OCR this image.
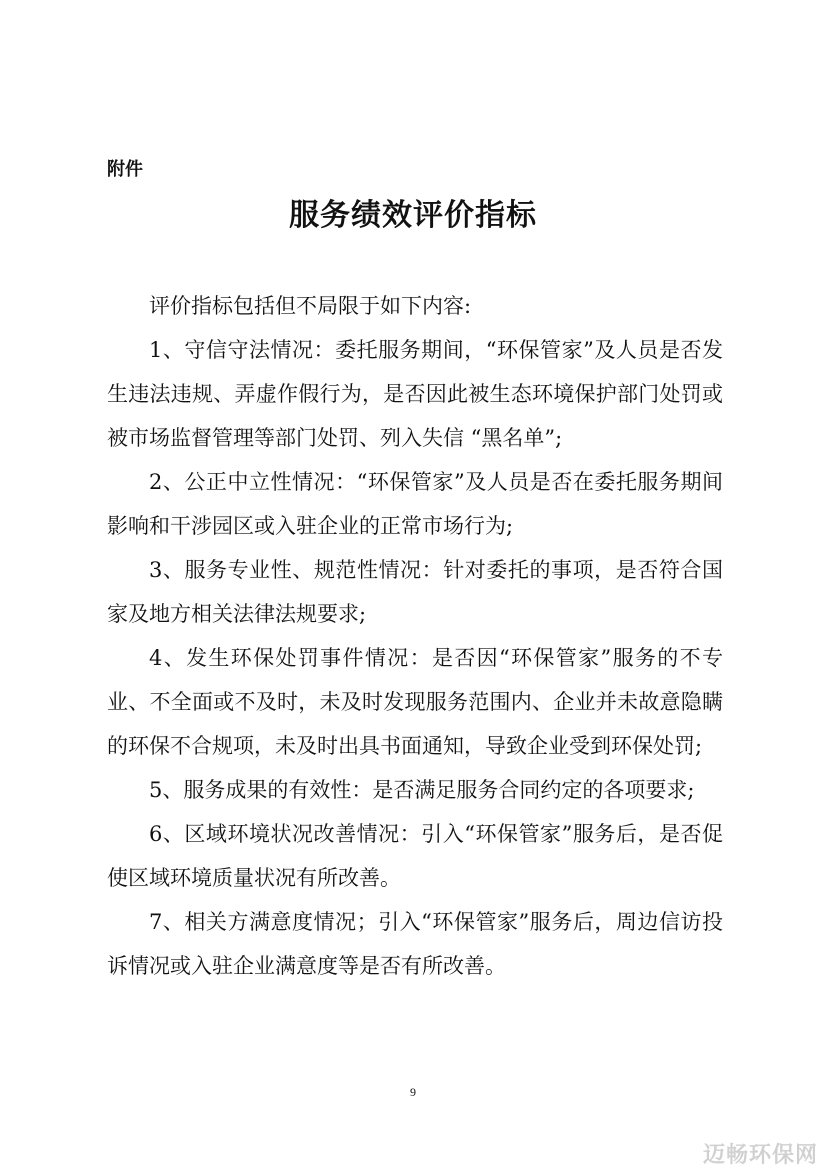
附件
服务绩效评价指标

评价指标包括但不局限于如下内容:

1、守信守法情况：委托服务期间，“环保管家”及人员是否发生违法违规、弄虚作假行为，是否因此被生态环境保护部门处罚或被市场监督管理等部门处罚、列入失信 “黑名单”;

2、公正中立性情况：“环保管家”及人员是否在委托服务期间影响和干涉园区或入驻企业的正常市场行为;

3、服务专业性、规范性情况：针对委托的事项，是否符合国家及地方相关法律法规要求;

4、发生环保处罚事件情况：是否因“环保管家”服务的不专业、不全面或不及时，未及时发现服务范围内、企业并未故意隐瞒的环保不合规项，未及时出具书面通知，导致企业受到环保处罚;

5、服务成果的有效性：是否满足服务合同约定的各项要求;

6、区域环境状况改善情况：引入“环保管家”服务后，是否促使区域环境质量状况有所改善。

7、相关方满意度情况；引入“环保管家”服务后，周边信访投诉情况或入驻企业满意度等是否有所改善。

9
迈畅环保网
